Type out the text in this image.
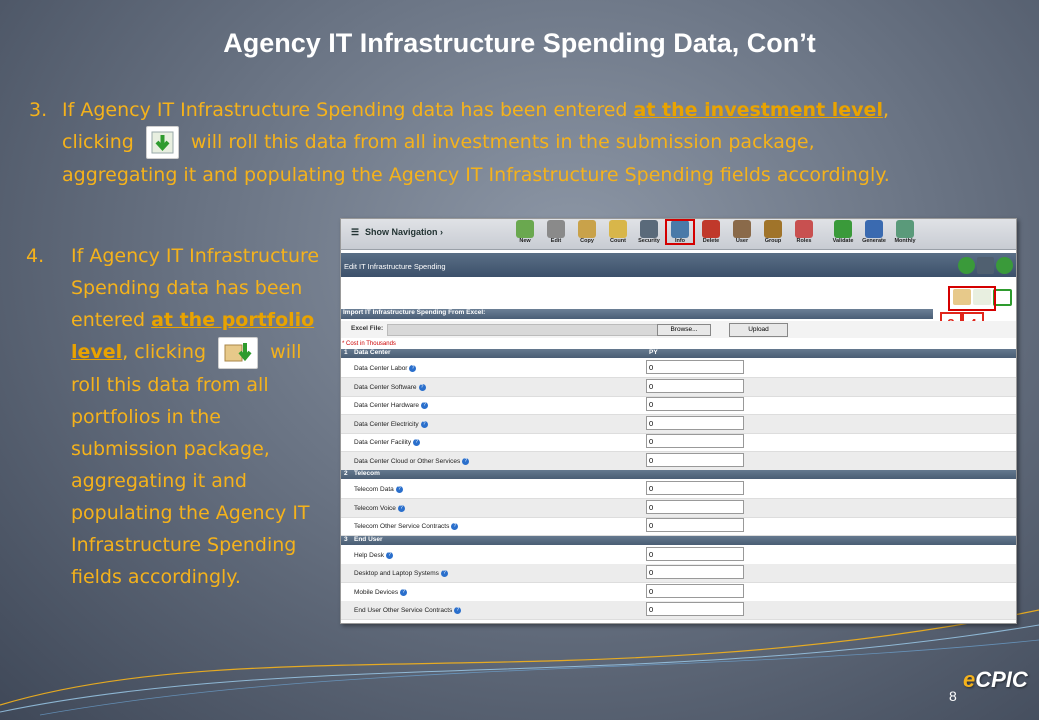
Agency IT Infrastructure Spending Data, Con’t
3. If Agency IT Infrastructure Spending data has been entered at the investment level, clicking  will roll this data from all investments in the submission package, aggregating it and populating the Agency IT Infrastructure Spending fields accordingly.
4. If Agency IT Infrastructure Spending data has been entered at the portfolio level, clicking	will roll this data from all portfolios in the submission package, aggregating it and populating the Agency IT Infrastructure Spending fields accordingly.
☰ Show Navigation ›
New	Edit	Copy	Count	Security	Info	Delete	User	Group	Roles	Validate	Generate	Monthly
Edit IT Infrastructure Spending
Import IT Infrastructure Spending From Excel:
Excel File:	Browse...	Upload
* Cost in Thousands
1 Data Center	PY
Data Center Labor ?	0
Data Center Software ?	0
Data Center Hardware ?	0
Data Center Electricity ?	0
Data Center Facility ?	0
Data Center Cloud or Other Services ?	0
2 Telecom
Telecom Data ?	0
Telecom Voice ?	0
Telecom Other Service Contracts ?	0
3 End User
Help Desk ?	0
Desktop and Laptop Systems ?	0
Mobile Devices ?	0
End User Other Service Contracts ?	0
eCPIC
8
